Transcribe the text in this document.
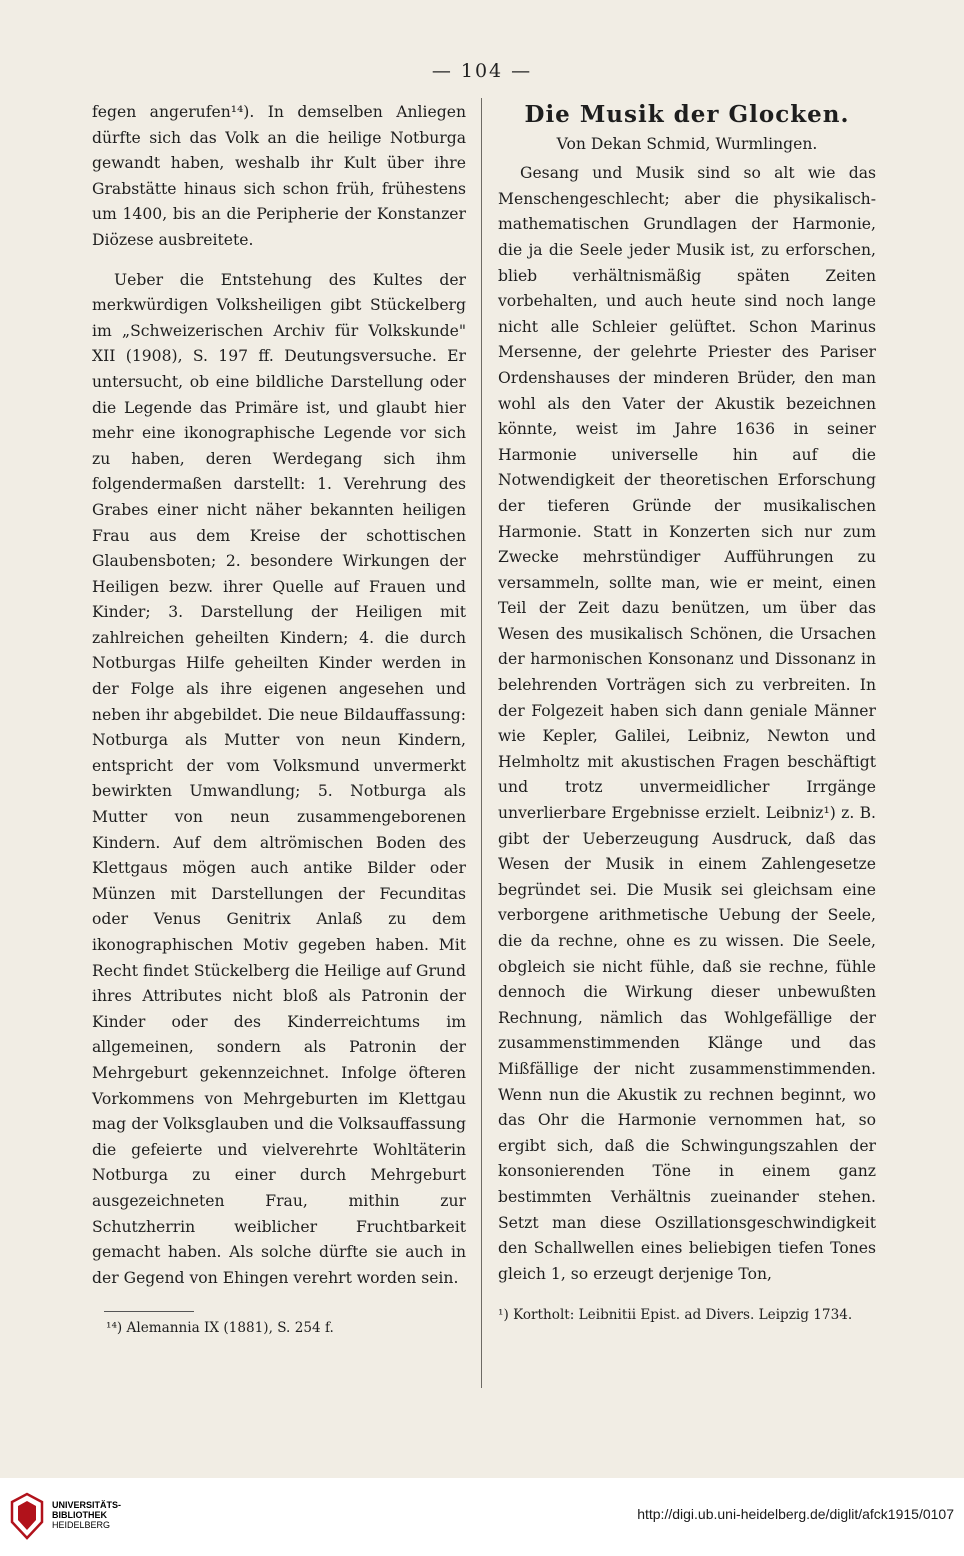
— 104 —

fegen angerufen¹⁴). In demselben Anliegen dürfte sich das Volk an die heilige Notburga gewandt haben, weshalb ihr Kult über ihre Grabstätte hinaus sich schon früh, frühestens um 1400, bis an die Peripherie der Konstanzer Diözese ausbreitete.

Ueber die Entstehung des Kultes der merkwürdigen Volksheiligen gibt Stückelberg im „Schweizerischen Archiv für Volkskunde" XII (1908), S. 197 ff. Deutungsversuche. Er untersucht, ob eine bildliche Darstellung oder die Legende das Primäre ist, und glaubt hier mehr eine ikonographische Legende vor sich zu haben, deren Werdegang sich ihm folgendermaßen darstellt: 1. Verehrung des Grabes einer nicht näher bekannten heiligen Frau aus dem Kreise der schottischen Glaubensboten; 2. besondere Wirkungen der Heiligen bezw. ihrer Quelle auf Frauen und Kinder; 3. Darstellung der Heiligen mit zahlreichen geheilten Kindern; 4. die durch Notburgas Hilfe geheilten Kinder werden in der Folge als ihre eigenen angesehen und neben ihr abgebildet. Die neue Bildauffassung: Notburga als Mutter von neun Kindern, entspricht der vom Volksmund unvermerkt bewirkten Umwandlung; 5. Notburga als Mutter von neun zusammengeborenen Kindern. Auf dem altrömischen Boden des Klettgaus mögen auch antike Bilder oder Münzen mit Darstellungen der Fecunditas oder Venus Genitrix Anlaß zu dem ikonographischen Motiv gegeben haben. Mit Recht findet Stückelberg die Heilige auf Grund ihres Attributes nicht bloß als Patronin der Kinder oder des Kinderreichtums im allgemeinen, sondern als Patronin der Mehrgeburt gekennzeichnet. Infolge öfteren Vorkommens von Mehrgeburten im Klettgau mag der Volksglauben und die Volksauffassung die gefeierte und vielverehrte Wohltäterin Notburga zu einer durch Mehrgeburt ausgezeichneten Frau, mithin zur Schutzherrin weiblicher Fruchtbarkeit gemacht haben. Als solche dürfte sie auch in der Gegend von Ehingen verehrt worden sein.

¹⁴) Alemannia IX (1881), S. 254 f.
Die Musik der Glocken.
Von Dekan Schmid, Wurmlingen.

Gesang und Musik sind so alt wie das Menschengeschlecht; aber die physikalisch-mathematischen Grundlagen der Harmonie, die ja die Seele jeder Musik ist, zu erforschen, blieb verhältnismäßig späten Zeiten vorbehalten, und auch heute sind noch lange nicht alle Schleier gelüftet. Schon Marinus Mersenne, der gelehrte Priester des Pariser Ordenshauses der minderen Brüder, den man wohl als den Vater der Akustik bezeichnen könnte, weist im Jahre 1636 in seiner Harmonie universelle hin auf die Notwendigkeit der theoretischen Erforschung der tieferen Gründe der musikalischen Harmonie. Statt in Konzerten sich nur zum Zwecke mehrstündiger Aufführungen zu versammeln, sollte man, wie er meint, einen Teil der Zeit dazu benützen, um über das Wesen des musikalisch Schönen, die Ursachen der harmonischen Konsonanz und Dissonanz in belehrenden Vorträgen sich zu verbreiten. In der Folgezeit haben sich dann geniale Männer wie Kepler, Galilei, Leibniz, Newton und Helmholtz mit akustischen Fragen beschäftigt und trotz unvermeidlicher Irrgänge unverlierbare Ergebnisse erzielt. Leibniz¹) z. B. gibt der Ueberzeugung Ausdruck, daß das Wesen der Musik in einem Zahlengesetze begründet sei. Die Musik sei gleichsam eine verborgene arithmetische Uebung der Seele, die da rechne, ohne es zu wissen. Die Seele, obgleich sie nicht fühle, daß sie rechne, fühle dennoch die Wirkung dieser unbewußten Rechnung, nämlich das Wohlgefällige der zusammenstimmenden Klänge und das Mißfällige der nicht zusammenstimmenden. Wenn nun die Akustik zu rechnen beginnt, wo das Ohr die Harmonie vernommen hat, so ergibt sich, daß die Schwingungszahlen der konsonierenden Töne in einem ganz bestimmten Verhältnis zueinander stehen. Setzt man diese Oszillationsgeschwindigkeit den Schallwellen eines beliebigen tiefen Tones gleich 1, so erzeugt derjenige Ton,

¹) Kortholt: Leibnitii Epist. ad Divers. Leipzig 1734.
UNIVERSITÄTS-
BIBLIOTHEK
HEIDELBERG
http://digi.ub.uni-heidelberg.de/diglit/afck1915/0107
